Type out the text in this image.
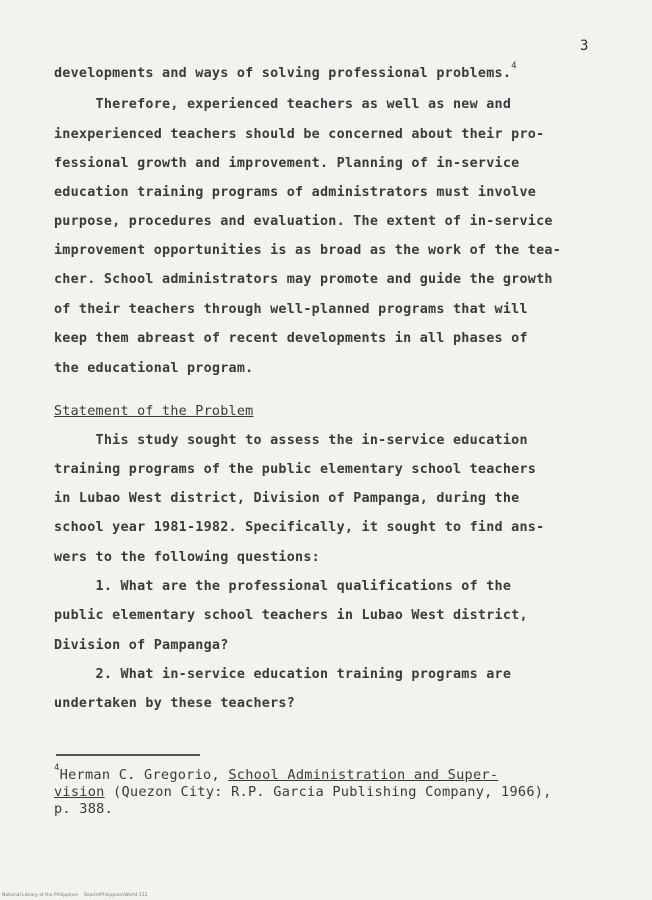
3
developments and ways of solving professional problems.$^4$
Therefore, experienced teachers as well as new and
inexperienced teachers should be concerned about their pro-
fessional growth and improvement. Planning of in-service
education training programs of administrators must involve
purpose, procedures and evaluation. The extent of in-service
improvement opportunities is as broad as the work of the tea-
cher. School administrators may promote and guide the growth
of their teachers through well-planned programs that will
keep them abreast of recent developments in all phases of
the educational program.
Statement of the Problem
This study sought to assess the in-service education
training programs of the public elementary school teachers
in Lubao West district, Division of Pampanga, during the
school year 1981-1982. Specifically, it sought to find ans-
wers to the following questions:
1. What are the professional qualifications of the
public elementary school teachers in Lubao West district,
Division of Pampanga?
2. What in-service education training programs are
undertaken by these teachers?
$^4$Herman C. Gregorio, School Administration and Super-
vision (Quezon City: R.P. Garcia Publishing Company, 1966),
p. 388.
National Library of the Philippines    ReprintPhilippinesWorld 112
